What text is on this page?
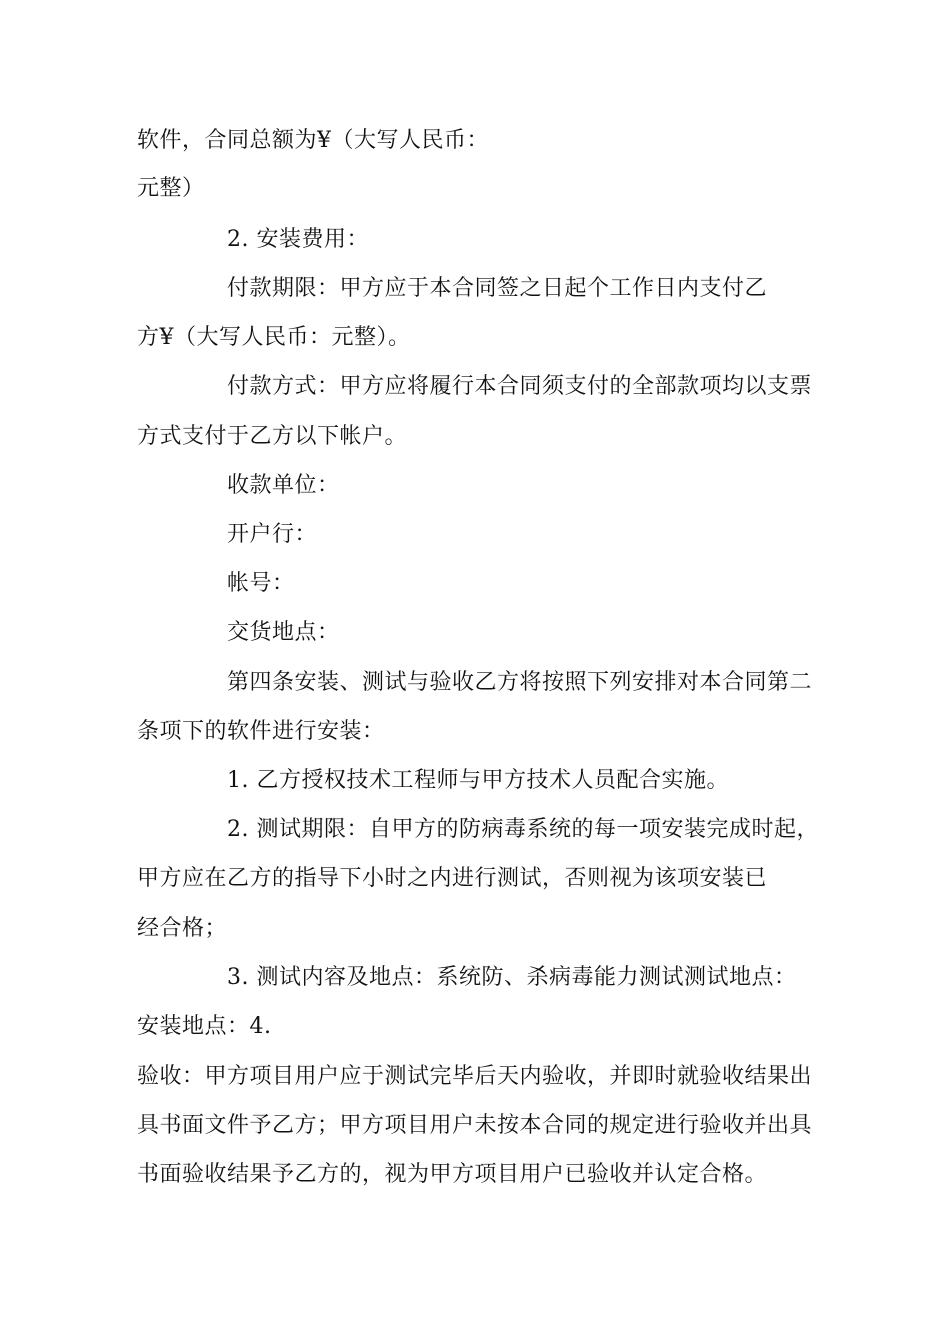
软件，合同总额为¥（大写人民币：
元整）
2. 安装费用：
付款期限：甲方应于本合同签之日起个工作日内支付乙
方¥（大写人民币：元整）。
付款方式：甲方应将履行本合同须支付的全部款项均以支票
方式支付于乙方以下帐户。
收款单位：
开户行：
帐号：
交货地点：
第四条安装、测试与验收乙方将按照下列安排对本合同第二
条项下的软件进行安装：
1. 乙方授权技术工程师与甲方技术人员配合实施。
2. 测试期限：自甲方的防病毒系统的每一项安装完成时起，
甲方应在乙方的指导下小时之内进行测试，否则视为该项安装已
经合格；
3. 测试内容及地点：系统防、杀病毒能力测试测试地点：
安装地点：4.
验收：甲方项目用户应于测试完毕后天内验收，并即时就验收结果出
具书面文件予乙方；甲方项目用户未按本合同的规定进行验收并出具
书面验收结果予乙方的，视为甲方项目用户已验收并认定合格。
